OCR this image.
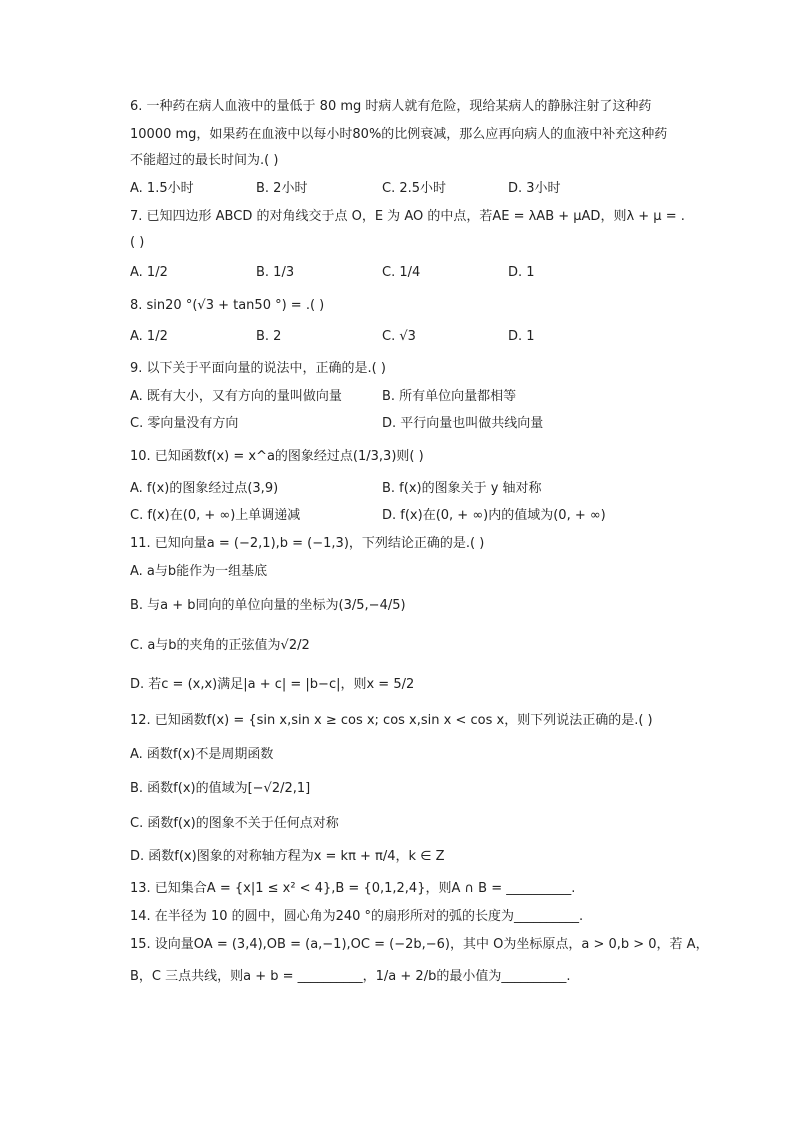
6. 一种药在病人血液中的量低于 80 mg 时病人就有危险，现给某病人的静脉注射了这种药
10000 mg，如果药在血液中以每小时80%的比例衰减，那么应再向病人的血液中补充这种药
不能超过的最长时间为.( )
A. 1.5小时	B. 2小时	C. 2.5小时	D. 3小时
7. 已知四边形 ABCD 的对角线交于点 O，E 为 AO 的中点，若AE = λAB + μAD，则λ + μ = .
( )
A. 1/2	B. 1/3	C. 1/4	D. 1
8. sin20 °(√3 + tan50 °) = .( )
A. 1/2	B. 2	C. √3	D. 1
9. 以下关于平面向量的说法中，正确的是.( )
A. 既有大小，又有方向的量叫做向量	B. 所有单位向量都相等
C. 零向量没有方向	D. 平行向量也叫做共线向量
10. 已知函数f(x) = x^a的图象经过点(1/3,3)则( )
A. f(x)的图象经过点(3,9)	B. f(x)的图象关于 y 轴对称
C. f(x)在(0, + ∞)上单调递减	D. f(x)在(0, + ∞)内的值域为(0, + ∞)
11. 已知向量a = (−2,1),b = (−1,3)，下列结论正确的是.( )
A. a与b能作为一组基底
B. 与a + b同向的单位向量的坐标为(3/5,−4/5)
C. a与b的夹角的正弦值为√2/2
D. 若c = (x,x)满足|a + c| = |b−c|，则x = 5/2
12. 已知函数f(x) = {sin x,sin x ≥ cos x; cos x,sin x < cos x，则下列说法正确的是.( )
A. 函数f(x)不是周期函数
B. 函数f(x)的值域为[−√2/2,1]
C. 函数f(x)的图象不关于任何点对称
D. 函数f(x)图象的对称轴方程为x = kπ + π/4，k ∈ Z
13. 已知集合A = {x|1 ≤ x² < 4},B = {0,1,2,4}，则A ∩ B = __________.
14. 在半径为 10 的圆中，圆心角为240 °的扇形所对的弧的长度为__________.
15. 设向量OA = (3,4),OB = (a,−1),OC = (−2b,−6)，其中 O为坐标原点，a > 0,b > 0，若 A，
B，C 三点共线，则a + b = __________，1/a + 2/b的最小值为__________.
